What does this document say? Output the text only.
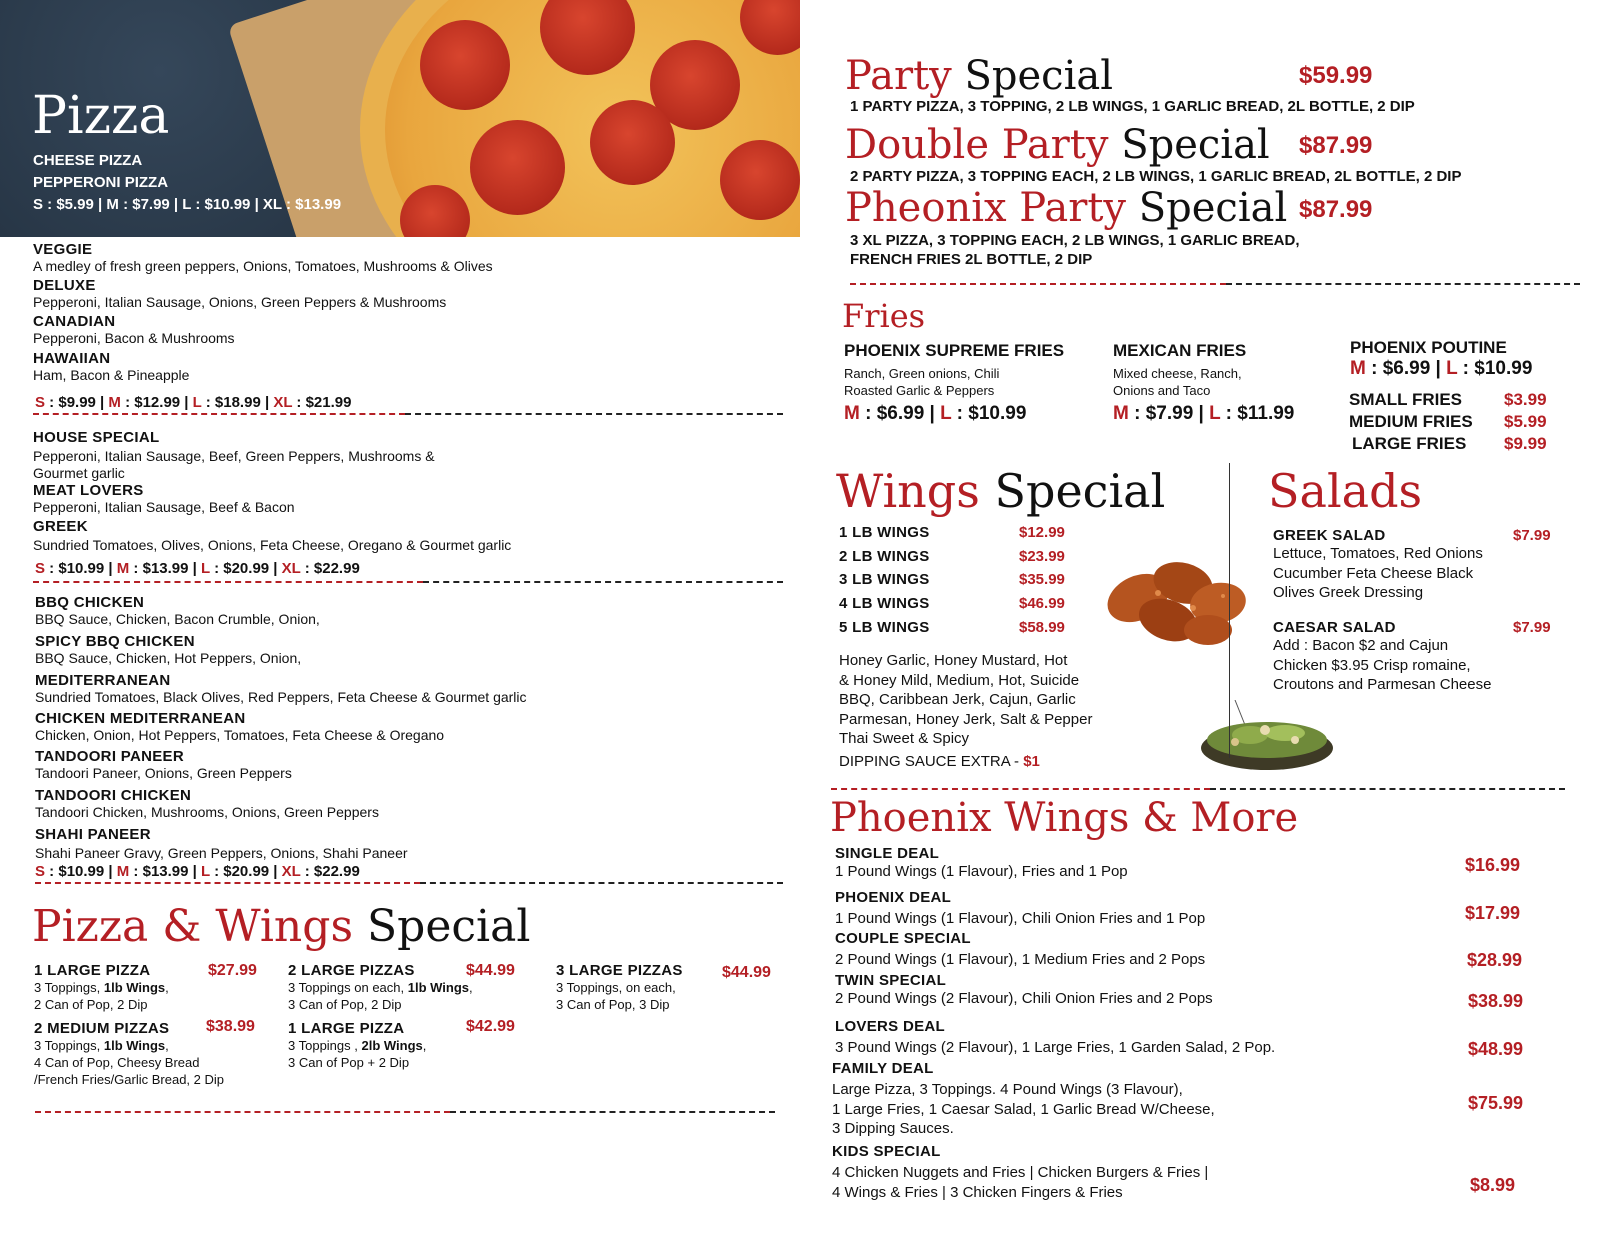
Pizza
CHEESE PIZZA
PEPPERONI PIZZA
S : $5.99 | M : $7.99 | L : $10.99 | XL : $13.99
VEGGIE
A medley of fresh green peppers, Onions, Tomatoes, Mushrooms & Olives
DELUXE
Pepperoni, Italian Sausage, Onions, Green Peppers & Mushrooms
CANADIAN
Pepperoni, Bacon & Mushrooms
HAWAIIAN
Ham, Bacon & Pineapple
S : $9.99 | M : $12.99 | L : $18.99 | XL : $21.99
HOUSE SPECIAL
Pepperoni, Italian Sausage, Beef, Green Peppers, Mushrooms & Gourmet garlic
MEAT LOVERS
Pepperoni, Italian Sausage, Beef & Bacon
GREEK
Sundried Tomatoes, Olives, Onions, Feta Cheese, Oregano & Gourmet garlic
S : $10.99 | M : $13.99 | L : $20.99 | XL : $22.99
BBQ CHICKEN
BBQ Sauce, Chicken, Bacon Crumble, Onion,
SPICY BBQ CHICKEN
BBQ Sauce, Chicken, Hot Peppers, Onion,
MEDITERRANEAN
Sundried Tomatoes, Black Olives, Red Peppers, Feta Cheese & Gourmet garlic
CHICKEN MEDITERRANEAN
Chicken, Onion, Hot Peppers, Tomatoes, Feta Cheese & Oregano
TANDOORI PANEER
Tandoori Paneer, Onions, Green Peppers
TANDOORI CHICKEN
Tandoori Chicken, Mushrooms, Onions, Green Peppers
SHAHI PANEER
Shahi Paneer Gravy, Green Peppers, Onions, Shahi Paneer
S : $10.99 | M : $13.99 | L : $20.99 | XL : $22.99
Pizza & Wings Special
1 LARGE PIZZA	$27.99
3 Toppings, 1lb Wings,
2 Can of Pop, 2 Dip
2 LARGE PIZZAS	$44.99
3 Toppings on each, 1lb Wings,
3 Can of Pop, 2 Dip
3 LARGE PIZZAS	$44.99
3 Toppings, on each,
3 Can of Pop, 3 Dip
2 MEDIUM PIZZAS	$38.99
3 Toppings, 1lb Wings,
4 Can of Pop, Cheesy Bread
/French Fries/Garlic Bread, 2 Dip
1 LARGE PIZZA	$42.99
3 Toppings , 2lb Wings,
3 Can of Pop + 2 Dip
Party Special	$59.99
1 PARTY PIZZA, 3 TOPPING, 2 LB WINGS, 1 GARLIC BREAD, 2L BOTTLE, 2 DIP
Double Party Special $87.99
2 PARTY PIZZA, 3 TOPPING EACH, 2 LB WINGS, 1 GARLIC BREAD, 2L BOTTLE, 2 DIP
Pheonix Party Special $87.99
3 XL PIZZA, 3 TOPPING EACH, 2 LB WINGS, 1 GARLIC BREAD,
FRENCH FRIES 2L BOTTLE, 2 DIP
Fries
PHOENIX SUPREME FRIES
Ranch, Green onions, Chili
Roasted Garlic & Peppers
M : $6.99 | L : $10.99
MEXICAN FRIES
Mixed cheese, Ranch,
Onions and Taco
M : $7.99 | L : $11.99
PHOENIX POUTINE
M : $6.99 | L : $10.99
SMALL FRIES $3.99
MEDIUM FRIES $5.99
LARGE FRIES $9.99
Wings Special
1 LB WINGS	$12.99
2 LB WINGS	$23.99
3 LB WINGS	$35.99
4 LB WINGS	$46.99
5 LB WINGS	$58.99
Honey Garlic, Honey Mustard, Hot
& Honey Mild, Medium, Hot, Suicide
BBQ, Caribbean Jerk, Cajun, Garlic
Parmesan, Honey Jerk, Salt & Pepper
Thai Sweet & Spicy
DIPPING SAUCE EXTRA - $1
Salads
GREEK SALAD	$7.99
Lettuce, Tomatoes, Red Onions
Cucumber Feta Cheese Black
Olives Greek Dressing
CAESAR SALAD	$7.99
Add : Bacon $2 and Cajun
Chicken $3.95 Crisp romaine,
Croutons and Parmesan Cheese
Phoenix Wings & More
SINGLE DEAL
1 Pound Wings (1 Flavour), Fries and 1 Pop	$16.99
PHOENIX DEAL
1 Pound Wings (1 Flavour), Chili Onion Fries and 1 Pop	$17.99
COUPLE SPECIAL
2 Pound Wings (1 Flavour), 1 Medium Fries and 2 Pops	$28.99
TWIN SPECIAL
2 Pound Wings (2 Flavour), Chili Onion Fries and 2 Pops	$38.99
LOVERS DEAL
3 Pound Wings (2 Flavour), 1 Large Fries, 1 Garden Salad, 2 Pop.	$48.99
FAMILY DEAL
Large Pizza, 3 Toppings. 4 Pound Wings (3 Flavour),
1 Large Fries, 1 Caesar Salad, 1 Garlic Bread W/Cheese,
3 Dipping Sauces.
$75.99
KIDS SPECIAL
4 Chicken Nuggets and Fries | Chicken Burgers & Fries |
4 Wings & Fries | 3 Chicken Fingers & Fries	$8.99
